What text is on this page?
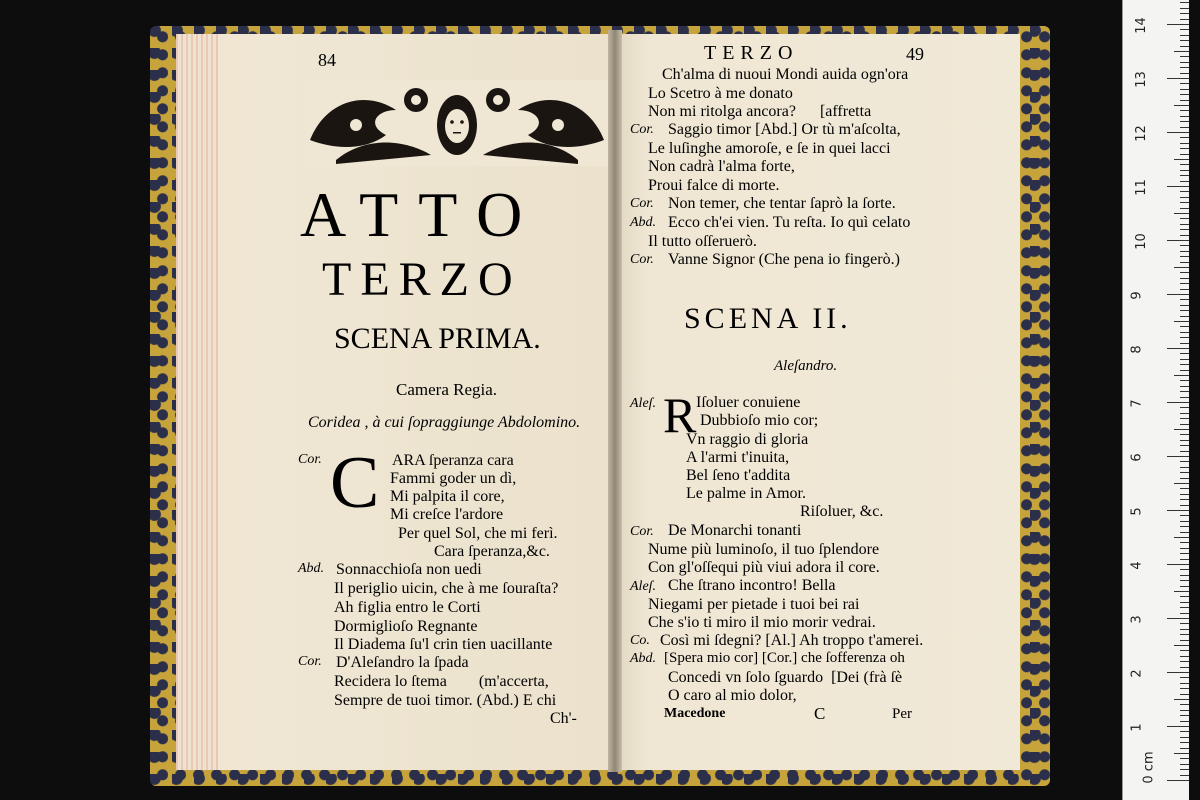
84
ATTO
TERZO
SCENA PRIMA.
Camera Regia.
Coridea , à cui ſopraggiunge Abdolomino.
C
Cor.	ARA ſperanza cara
Fammi goder un dì,
Mi palpita il core,
Mi creſce l'ardore
Per quel Sol, che mi ferì.
Cara ſperanza,&c.
Abd. Sonnacchioſa non uedi
Il periglio uicin, che à me ſouraſta?
Ah figlia entro le Corti
Dormiglioſo Regnante
Il Diadema ſu'l crin tien uacillante
Cor. D'Aleſandro la ſpada
Recidera lo ſtema        (m'accerta,
Sempre de tuoi timor. (Abd.) E chi
Ch'-
TERZO	49
Ch'alma di nuoui Mondi auida ogn'ora
Lo Scetro à me donato
Non mi ritolga ancora?      [affretta
Cor. Saggio timor [Abd.] Or tù m'aſcolta,
Le luſinghe amoroſe, e ſe in quei lacci
Non cadrà l'alma forte,
Proui falce di morte.
Cor. Non temer, che tentar ſaprò la ſorte.
Abd. Ecco ch'ei vien. Tu reſta. Io quì celato
Il tutto oſſeruerò.
Cor. Vanne Signor (Che pena io fingerò.)
SCENA II.
Aleſandro.
R
Aleſ. Iſoluer conuiene
Dubbioſo mio cor;
Vn raggio di gloria
A l'armi t'inuita,
Bel ſeno t'addita
Le palme in Amor.
Riſoluer, &c.
Cor. De Monarchi tonanti
Nume più luminoſo, il tuo ſplendore
Con gl'oſſequi più viui adora il core.
Aleſ. Che ſtrano incontro! Bella
Niegami per pietade i tuoi bei rai
Che s'io ti miro il mio morir vedrai.
Co. Così mi ſdegni? [Al.] Ah troppo t'amerei.
Abd. [Spera mio cor] [Cor.] che ſofferenza oh
Concedi vn ſolo ſguardo  [Dei (frà ſè
O caro al mio dolor,
Macedone	C	Per
0 cm
1
2
3
4
5
6
7
8
9
10
11
12
13
14
